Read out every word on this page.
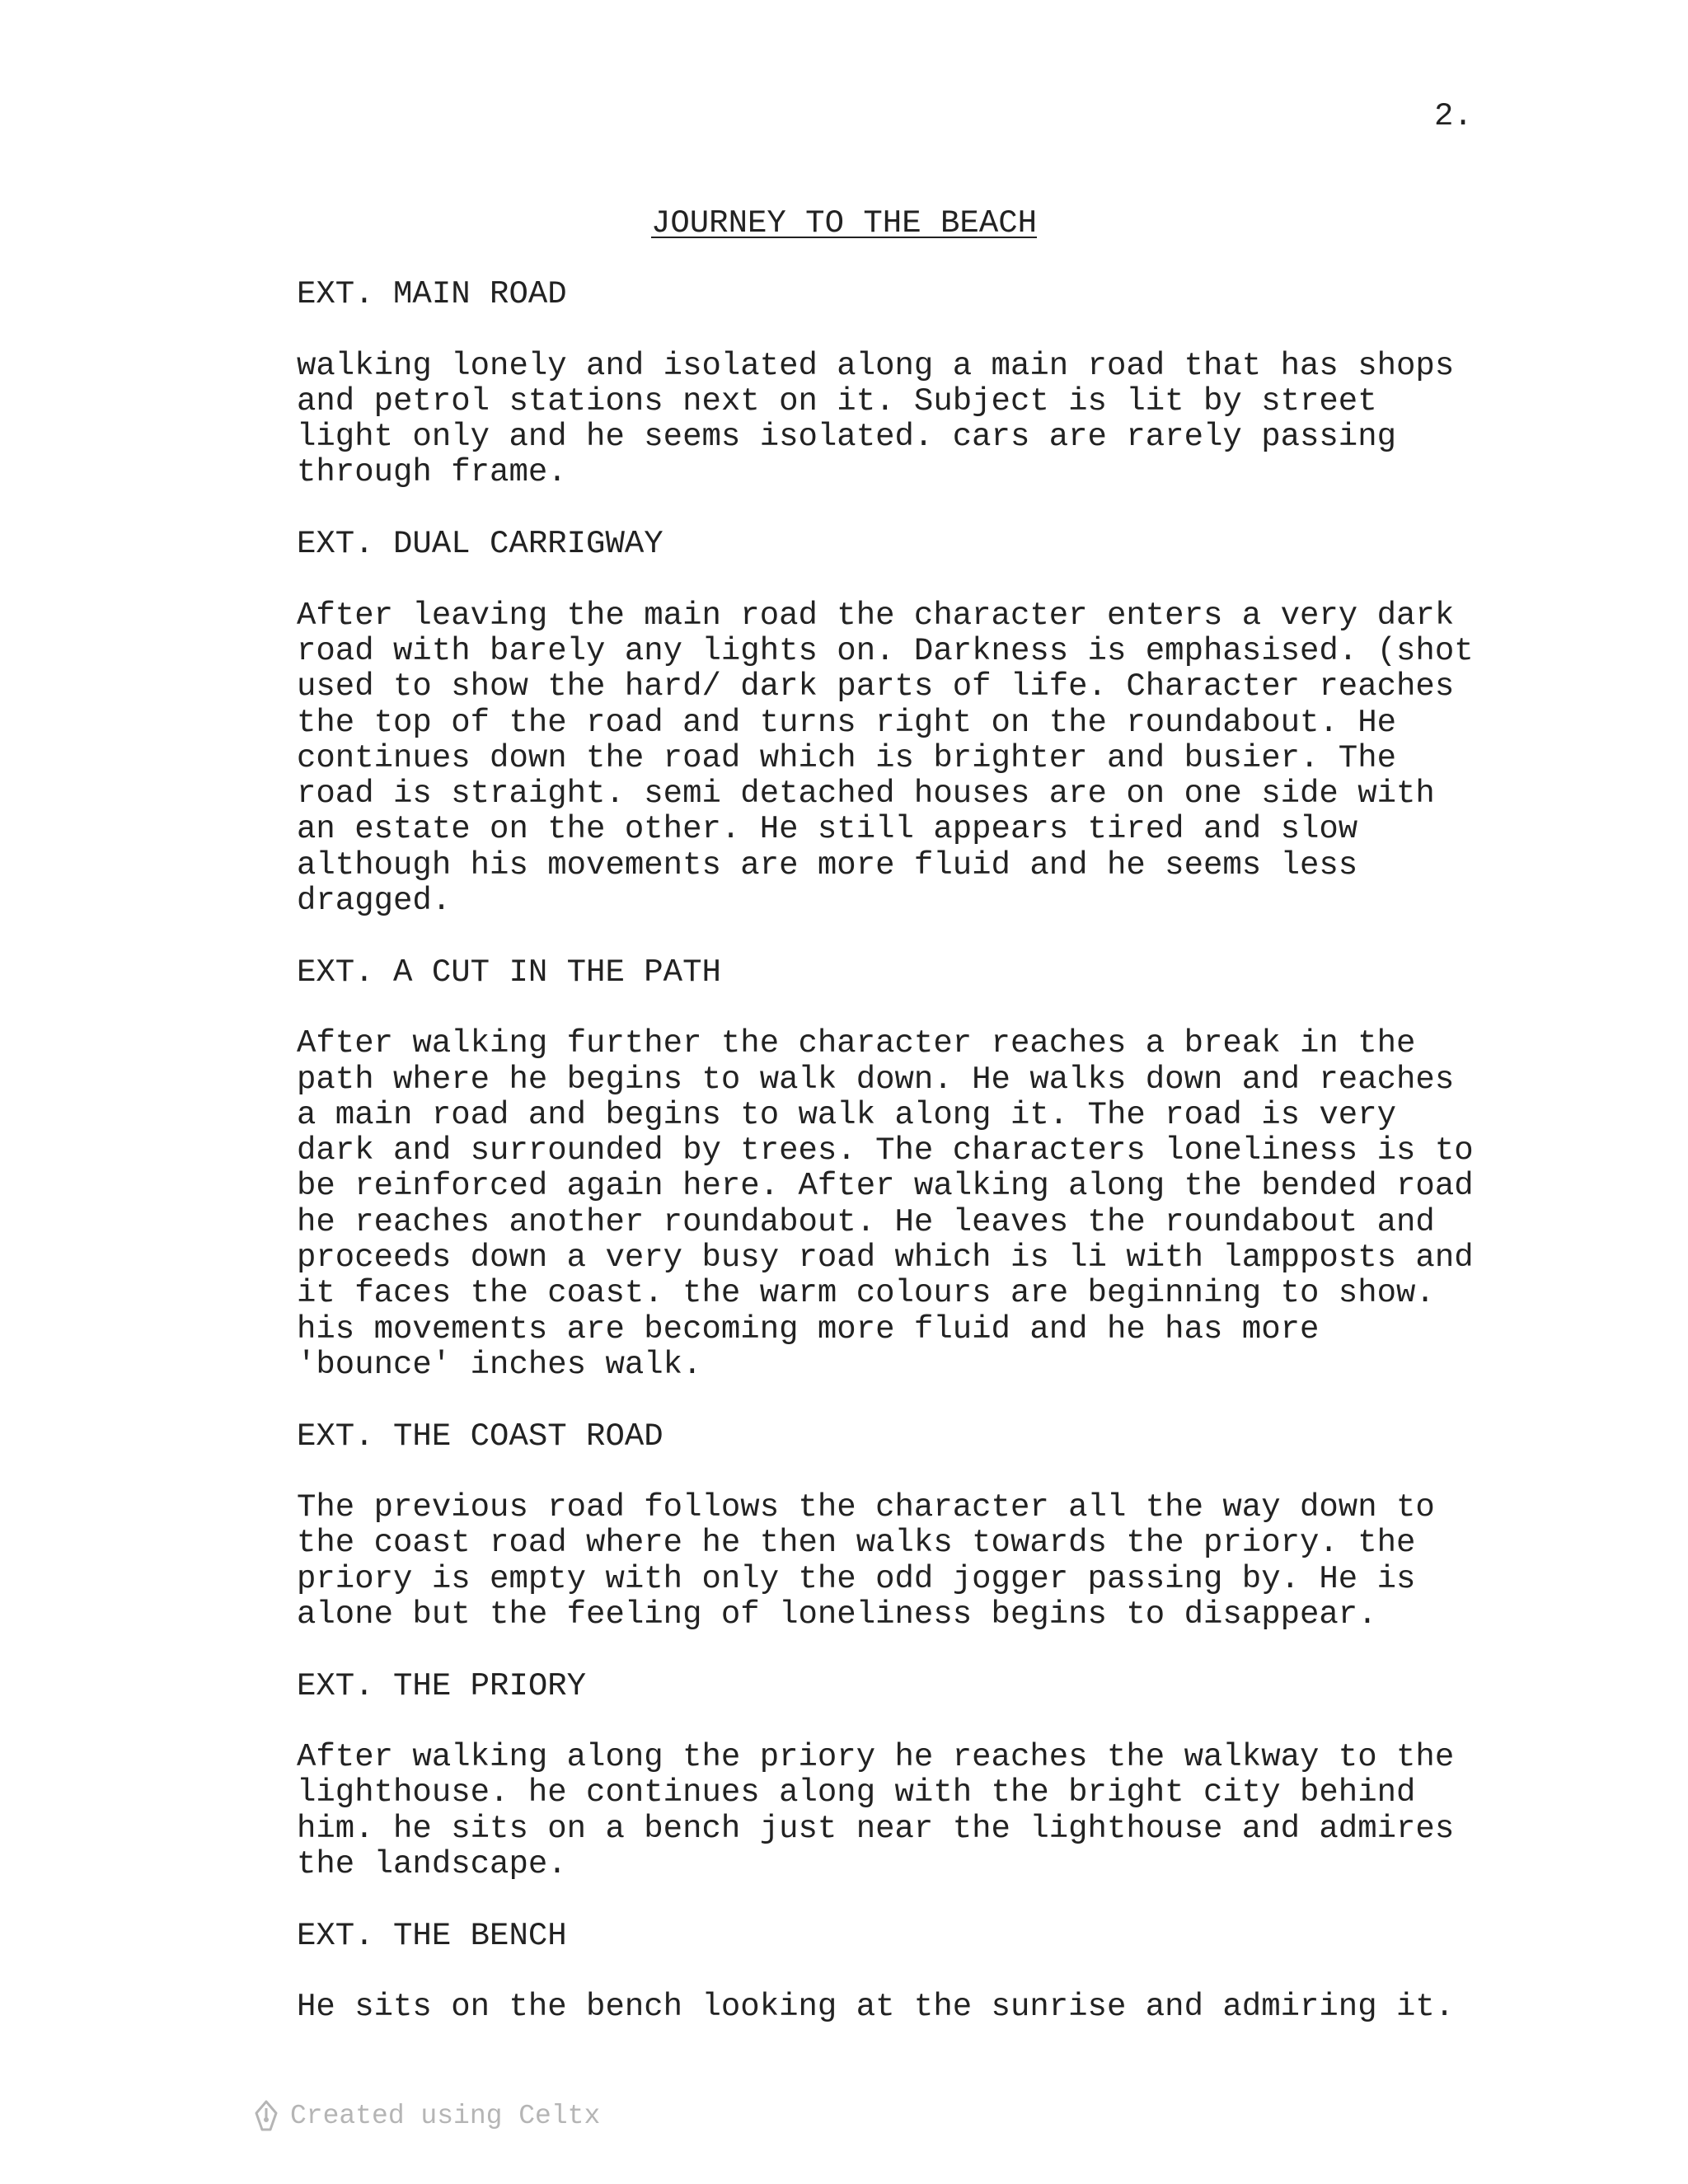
2.
JOURNEY TO THE BEACH

EXT. MAIN ROAD

walking lonely and isolated along a main road that has shops
and petrol stations next on it. Subject is lit by street
light only and he seems isolated. cars are rarely passing
through frame.

EXT. DUAL CARRIGWAY

After leaving the main road the character enters a very dark
road with barely any lights on. Darkness is emphasised. (shot
used to show the hard/ dark parts of life. Character reaches
the top of the road and turns right on the roundabout. He
continues down the road which is brighter and busier. The
road is straight. semi detached houses are on one side with
an estate on the other. He still appears tired and slow
although his movements are more fluid and he seems less
dragged.

EXT. A CUT IN THE PATH

After walking further the character reaches a break in the
path where he begins to walk down. He walks down and reaches
a main road and begins to walk along it. The road is very
dark and surrounded by trees. The characters loneliness is to
be reinforced again here. After walking along the bended road
he reaches another roundabout. He leaves the roundabout and
proceeds down a very busy road which is li with lampposts and
it faces the coast. the warm colours are beginning to show.
his movements are becoming more fluid and he has more
'bounce' inches walk.

EXT. THE COAST ROAD

The previous road follows the character all the way down to
the coast road where he then walks towards the priory. the
priory is empty with only the odd jogger passing by. He is
alone but the feeling of loneliness begins to disappear.

EXT. THE PRIORY

After walking along the priory he reaches the walkway to the
lighthouse. he continues along with the bright city behind
him. he sits on a bench just near the lighthouse and admires
the landscape.

EXT. THE BENCH

He sits on the bench looking at the sunrise and admiring it.

Created using Celtx
